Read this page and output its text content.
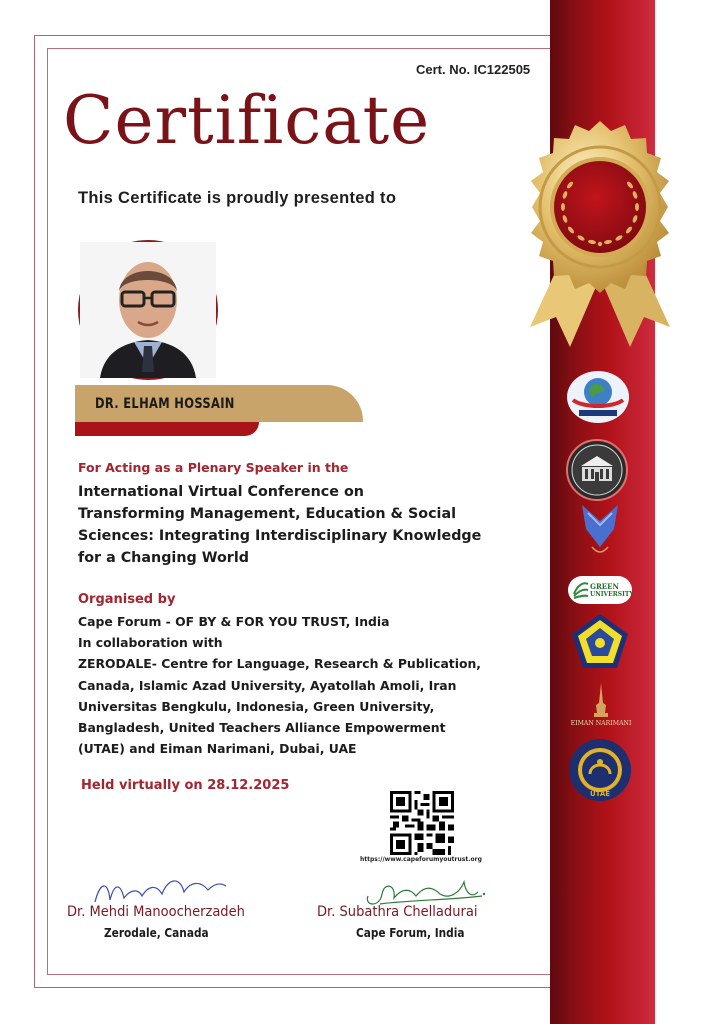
Cert. No. IC122505
Certificate
This Certificate is proudly presented to
DR. ELHAM HOSSAIN
For Acting as a Plenary Speaker in the
International Virtual Conference on
Transforming Management, Education & Social
Sciences: Integrating Interdisciplinary Knowledge
for a Changing World
Organised by
Cape Forum - OF BY & FOR YOU TRUST, India
In collaboration with
ZERODALE- Centre for Language, Research & Publication,
Canada, Islamic Azad University, Ayatollah Amoli, Iran
Universitas Bengkulu, Indonesia, Green University,
Bangladesh, United Teachers Alliance Empowerment
(UTAE) and Eiman Narimani, Dubai, UAE
Held virtually on 28.12.2025
https://www.capeforumyoutrust.org
Dr. Mehdi Manoocherzadeh
Zerodale, Canada
Dr. Subathra Chelladurai
Cape Forum, India
GREEN
UNIVERSITY
EIMAN NARIMANI
UTAE
